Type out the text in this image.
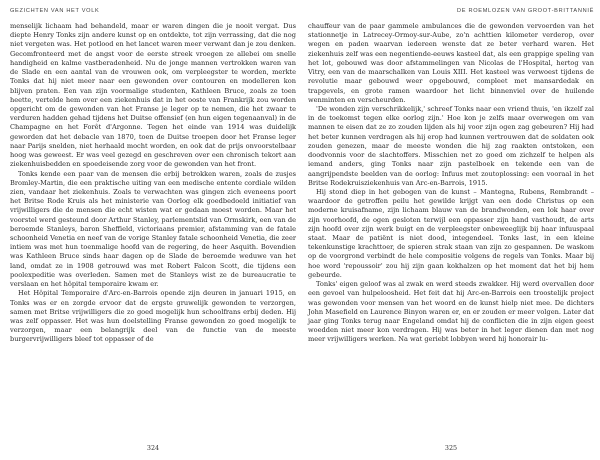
GEZICHTEN VAN HET VOLK

menselijk lichaam had behandeld, maar er waren dingen die je nooit vergat. Dus diepte Henry Tonks zijn andere kunst op en ontdekte, tot zijn verrassing, dat die nog niet vergeten was. Het potlood en het lancet waren meer verwant dan je zou denken. Gecomfronteerd met de angst voor de eerste streek vroegen ze allebei om snelle handigheid en kalme vastberadenheid. Nu de jonge mannen vertrokken waren van de Slade en een aantal van de vrouwen ook, om verpleegster te worden, merkte Tonks dat hij niet meer naar een gewonden over contouren en modelleren kon blijven praten. Een van zijn voormalige studenten, Kathleen Bruce, zoals ze toen heette, vertelde hem over een ziekenhuis dat in het ooste van Frankrijk zou worden opgericht om de gewonden van het Franse je leger op te nemen, die het zwaar te verduren hadden gehad tijdens het Duitse offensief (en hun eigen tegenaanval) in de Champagne en het Forêt d'Argonne. Tegen het einde van 1914 was duidelijk geworden dat het debacle van 1870, toen de Duitse troepen door het Franse leger naar Parijs snelden, niet herhaald mocht worden, en ook dat de prijs onvoorstelbaar hoog was geweest. Er was veel gezegd en geschreven over een chronisch tekort aan ziekenhuisbedden en spoedeisende zorg voor de gewonden van het front.

Tonks kende een paar van de mensen die erbij betrokken waren, zoals de zusjes Bromley-Martin, die een praktische uiting van een medische ententе cordiale wilden zien, vandaar het ziekenhuis. Zoals te verwachten was gingen zich eveneens poort het Britse Rode Kruis als het ministerie van Oorlog elk goedbedoeld initiatief van vrijwilligers die de mensen die echt wisten wat er gedaan moest worden. Maar het voorstel werd gesteund door Arthur Stanley, parlementslid van Ormskirk, een van de beroemde Stanleys, baron Sheffield, victoriaans premier, afstamming van de fatale schoonheid Venetia en neef van de vorige Stanley fatale schoonheid Venetia, die zeer intiem was met hun toenmalige hoofd van de regering, de heer Asquith. Bovendien was Kathleen Bruce sinds haar dagen op de Slade de beroemde weduwe van het land, omdat ze in 1908 getrouwd was met Robert Falcon Scott, die tijdens een poolexpeditie was overleden. Samen met de Stanleys wist ze de bureaucratie te verslaan en het hôpital temporaire kwam er.

Het Hôpital Temporaire d'Arc-en-Barrois opende zijn deuren in januari 1915, en Tonks was er en zorgde ervoor dat de ergste gruwelijk gewonden te verzorgen, samen met Britse vrijwilligers die zo goed mogelijk hun schoolfrans erbij deden. Hij was zelf oppasser. Het was hun doelstelling Franse gewonden zo goed mogelijk te verzorgen, maar een belangrijk deel van de functie van de meeste burgervrijwilligers bleef tot oppasser of de

324
DE ROEMLOZEN VAN GROOT-BRITTANNIË

chauffeur van de paar gammele ambulances die de gewonden vervoerden van het stationnetje in Latrecey-Ormoy-sur-Aube, zo'n achttien kilometer verderop, over wegen en paden waarvan iedereen wenste dat ze beter verhard waren. Het ziekenhuis zelf was een negentiende-eeuws kasteel dat, als een grappige speling van het lot, gebouwd was door afstammelingen van Nicolas de l'Hospital, hertog van Vitry, een van de maarschalken van Louis XIII. Het kasteel was verwoest tijdens de revolutie maar gebouwd weer opgebouwd, compleet met mansardedak en trapgevels, en grote ramen waardoor het licht binnenviel over de huilende wenminten en verscheurden.

'De wonden zijn verschrikkelijk,' schreef Tonks naar een vriend thuis, 'en ikzelf zal in de toekomst tegen elke oorlog zijn.' Hoe kon je zelfs maar overwegen om van mannen te eisen dat ze zo zouden lijden als hij voor zijn ogen zag gebeuren? Hij had het beter kunnen verdragen als hij erop had kunnen vertrouwen dat de soldaten ook zouden genezen, maar de meeste wonden die hij zag raakten ontstoken, een doodvonnis voor de slachtoffers. Misschien net zo goed om zichzelf te helpen als iemand anders, ging Tonks naar zijn pastelboek en tekende een van de aangrijpendste beelden van de oorlog: Infuus met zoutoplossing: een vooraal in het Britse Rodekruisziekenhuis van Arc-en-Barrois, 1915.

Hij stond diep in het gebogen van de kunst – Mantegna, Rubens, Rembrandt – waardoor de getroffen peilu het gewilde krijgt van een dode Christus op een moderne kruisafname, zijn lichaam blauw van de brandwonden, een lok haar over zijn voorhoofd, de ogen gesloten terwijl een oppasser zijn hand vasthoudt, de arts zijn hoofd over zijn werk buigt en de verpleegster onbeweeglijk bij haar infuuspaal staat. Maar de patiënt is niet dood, integendeel. Tonks last, in een kleine tekenkunstige krachttoer, de spieren strak staan van zijn zo gespannen. De waskom op de voorgrond verbindt de hele compositie volgens de regels van Tonks. Maar bij hoe word 'repoussoir' zou hij zijn gaan kokhalzen op het moment dat het bij hem gebeurde.

Tonks' eigen geloof was al zwak en werd steeds zwakker. Hij werd overvallen door een gevoel van hulpeloosheid. Het feit dat hij Arc-en-Barrois een troostelijk project was gewonden voor mensen van het woord en de kunst hielp niet mee. De dichters John Masefield en Laurence Binyon waren er, en er zouden er meer volgen. Later dat jaar ging Tonks terug naar Engeland omdat hij de conflicten die in zijn eigen geest woedden niet meer kon verdragen. Hij was beter in het leger dienen dan met nog meer vrijwilligers werken. Na wat geriebt lobbyen werd hij honorair lu-

325
